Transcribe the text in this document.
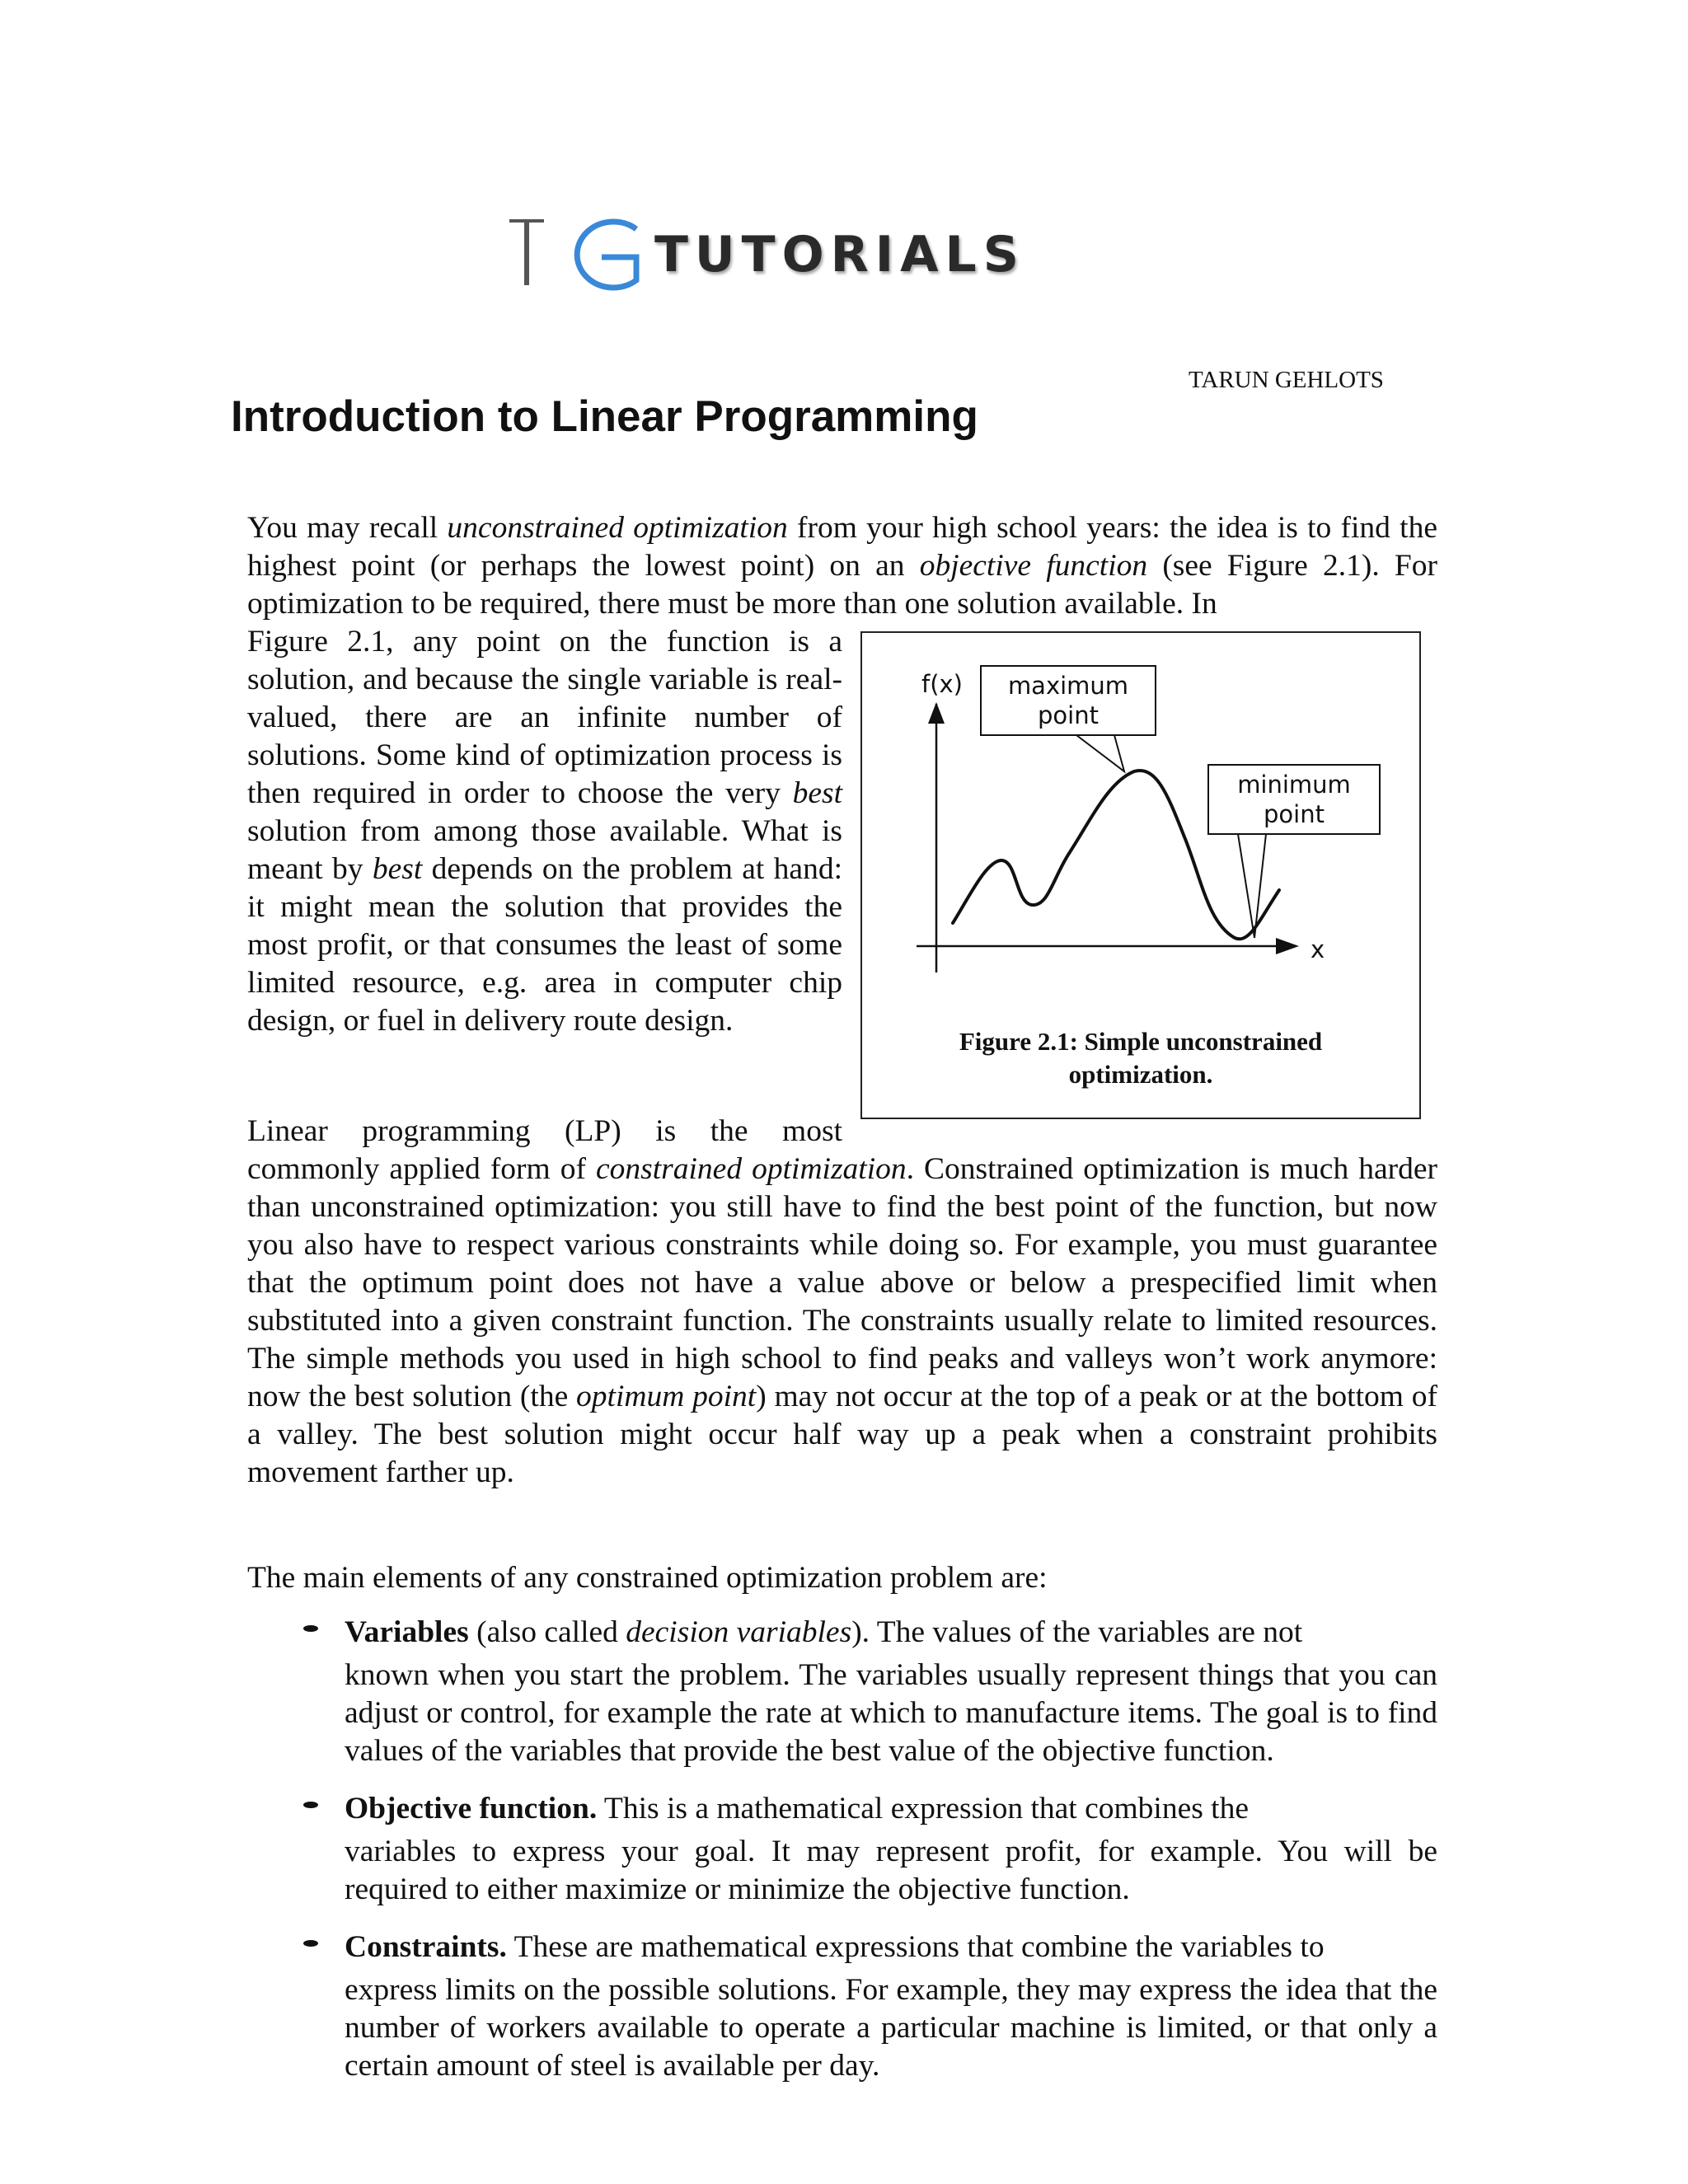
TUTORIALS
TARUN GEHLOTS
Introduction to Linear Programming

You may recall unconstrained optimization from your high school years: the idea is to find the highest point (or perhaps the lowest point) on an objective function (see Figure 2.1). For optimization to be required, there must be more than one solution available. In

Figure 2.1, any point on the function is a solution, and because the single variable is real-valued, there are an infinite number of solutions. Some kind of optimization process is then required in order to choose the very best solution from among those available. What is meant by best depends on the problem at hand: it might mean the solution that provides the most profit, or that consumes the least of some limited resource, e.g. area in computer chip design, or fuel in delivery route design.

f(x) maximum
point
minimum
point
x
Figure 2.1: Simple unconstrained
optimization.

Linear programming (LP) is the most

commonly applied form of constrained optimization. Constrained optimization is much harder than unconstrained optimization: you still have to find the best point of the function, but now you also have to respect various constraints while doing so. For example, you must guarantee that the optimum point does not have a value above or below a prespecified limit when substituted into a given constraint function. The constraints usually relate to limited resources. The simple methods you used in high school to find peaks and valleys won’t work anymore: now the best solution (the optimum point) may not occur at the top of a peak or at the bottom of a valley. The best solution might occur half way up a peak when a constraint prohibits movement farther up.

The main elements of any constrained optimization problem are:

Variables (also called decision variables). The values of the variables are not
known when you start the problem. The variables usually represent things that you can adjust or control, for example the rate at which to manufacture items. The goal is to find values of the variables that provide the best value of the objective function.
Objective function. This is a mathematical expression that combines the
variables to express your goal. It may represent profit, for example. You will be required to either maximize or minimize the objective function.
Constraints. These are mathematical expressions that combine the variables to
express limits on the possible solutions. For example, they may express the idea that the number of workers available to operate a particular machine is limited, or that only a certain amount of steel is available per day.
